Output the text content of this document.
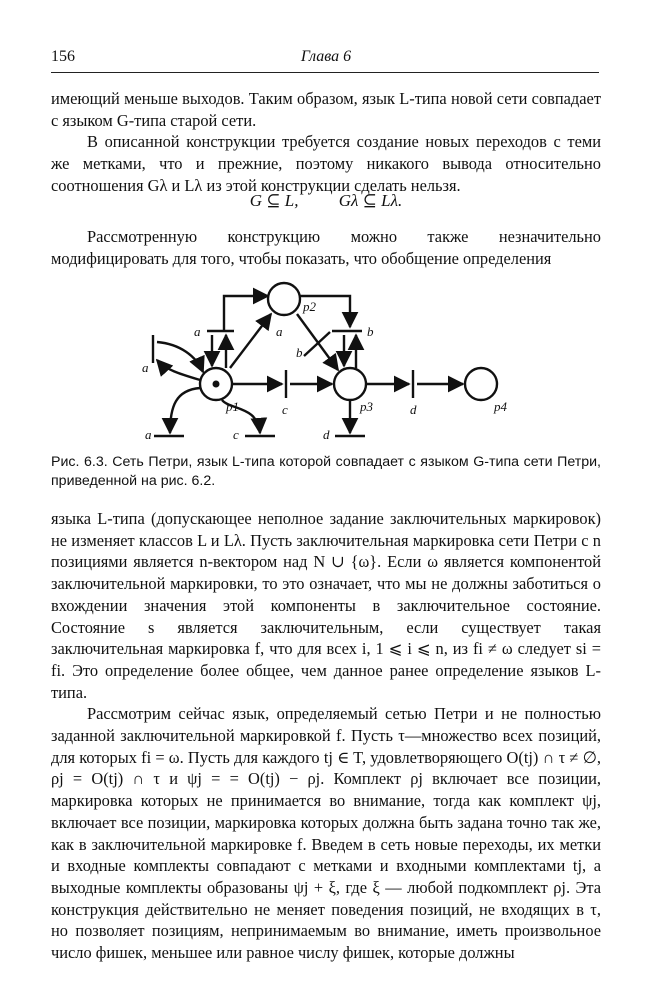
156	Глава 6

имеющий меньше выходов. Таким образом, язык L-типа новой сети совпадает с языком G-типа старой сети.

В описанной конструкции требуется создание новых переходов с теми же метками, что и прежние, поэтому никакого вывода относительно соотношения Gλ и Lλ из этой конструкции сделать нельзя.

G ⊆ L, Gλ ⊆ Lλ.

Рассмотренную конструкцию можно также незначительно модифицировать для того, чтобы показать, что обобщение определения

a	a
a
a
b
b
c
c
d
d
p1
p2
p3	p4
Рис. 6.3. Сеть Петри, язык L-типа которой совпадает с языком G-типа сети Петри, приведенной на рис. 6.2.

языка L-типа (допускающее неполное задание заключительных маркировок) не изменяет классов L и Lλ. Пусть заключительная маркировка сети Петри с n позициями является n-вектором над N ∪ {ω}. Если ω является компонентой заключительной маркировки, то это означает, что мы не должны заботиться о вхождении значения этой компоненты в заключительное состояние. Состояние s является заключительным, если существует такая заключительная маркировка f, что для всех i, 1 ⩽ i ⩽ n, из fi ≠ ω следует si = fi. Это определение более общее, чем данное ранее определение языков L-типа.

Рассмотрим сейчас язык, определяемый сетью Петри и не полностью заданной заключительной маркировкой f. Пусть τ—множество всех позиций, для которых fi = ω. Пусть для каждого tj ∈ T, удовлетворяющего O(tj) ∩ τ ≠ ∅, ρj = O(tj) ∩ τ и ψj = = O(tj) − ρj. Комплект ρj включает все позиции, маркировка которых не принимается во внимание, тогда как комплект ψj, включает все позиции, маркировка которых должна быть задана точно так же, как в заключительной маркировке f. Введем в сеть новые переходы, их метки и входные комплекты совпадают с метками и входными комплектами tj, а выходные комплекты образованы ψj + ξ, где ξ — любой подкомплект ρj. Эта конструкция действительно не меняет поведения позиций, не входящих в τ, но позволяет позициям, непринимаемым во внимание, иметь произвольное число фишек, меньшее или равное числу фишек, которые должны
